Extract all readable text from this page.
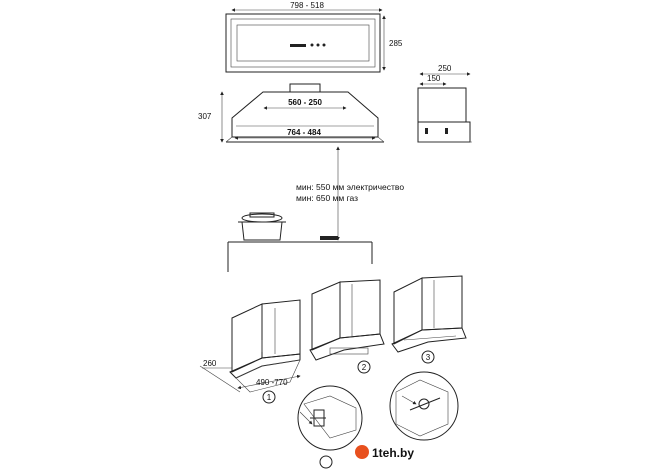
798 - 518
285
560 - 250
764 - 484
307
250
150
мин: 550 мм электричество
мин: 650 мм газ
260
490 -770
1
2
3
1teh.by
